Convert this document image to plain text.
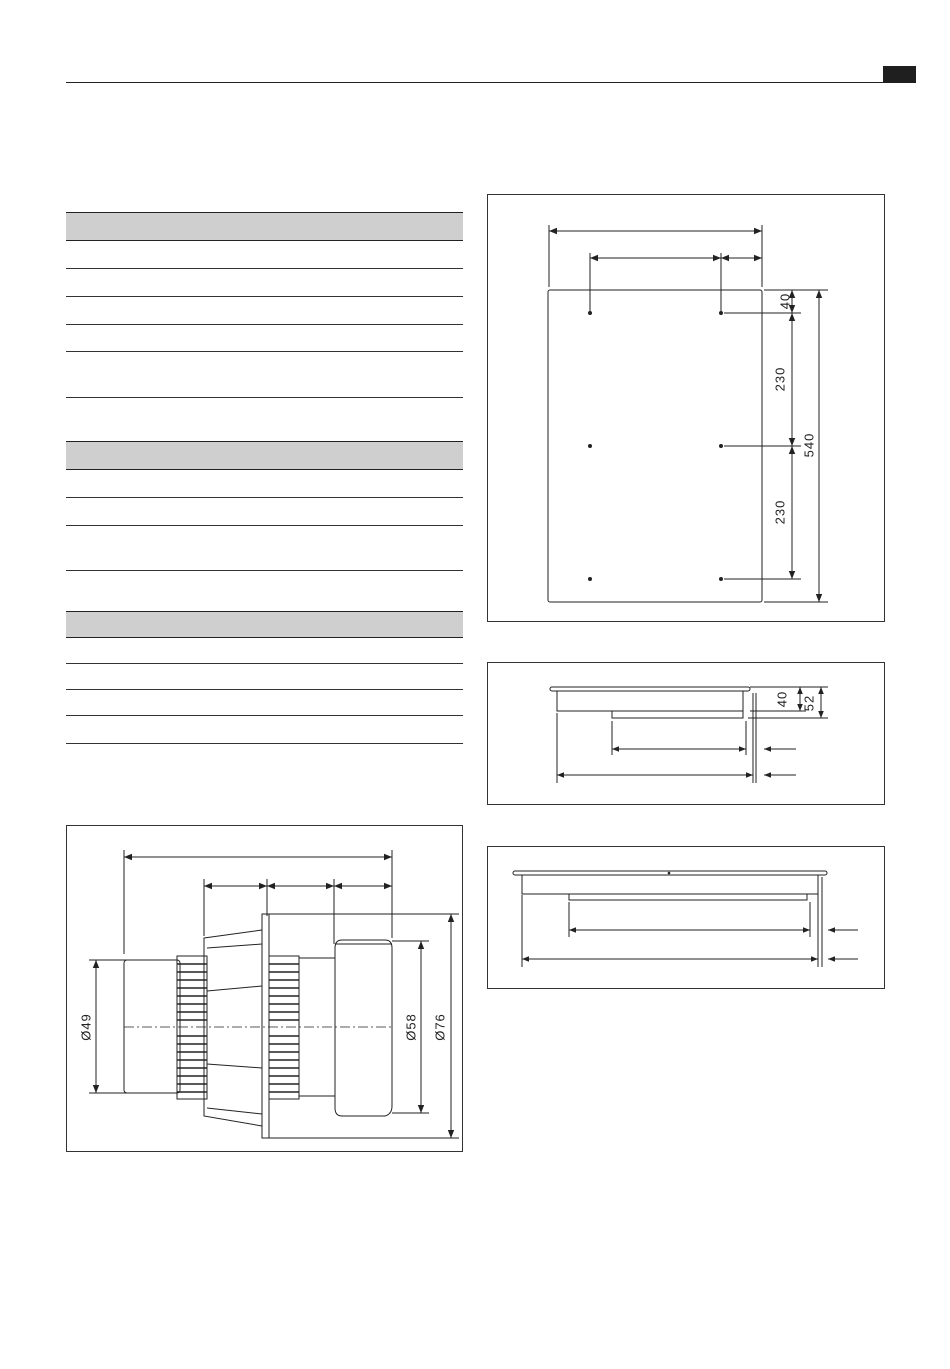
40
230
230
540
40 52
Ø49	Ø58 Ø76
